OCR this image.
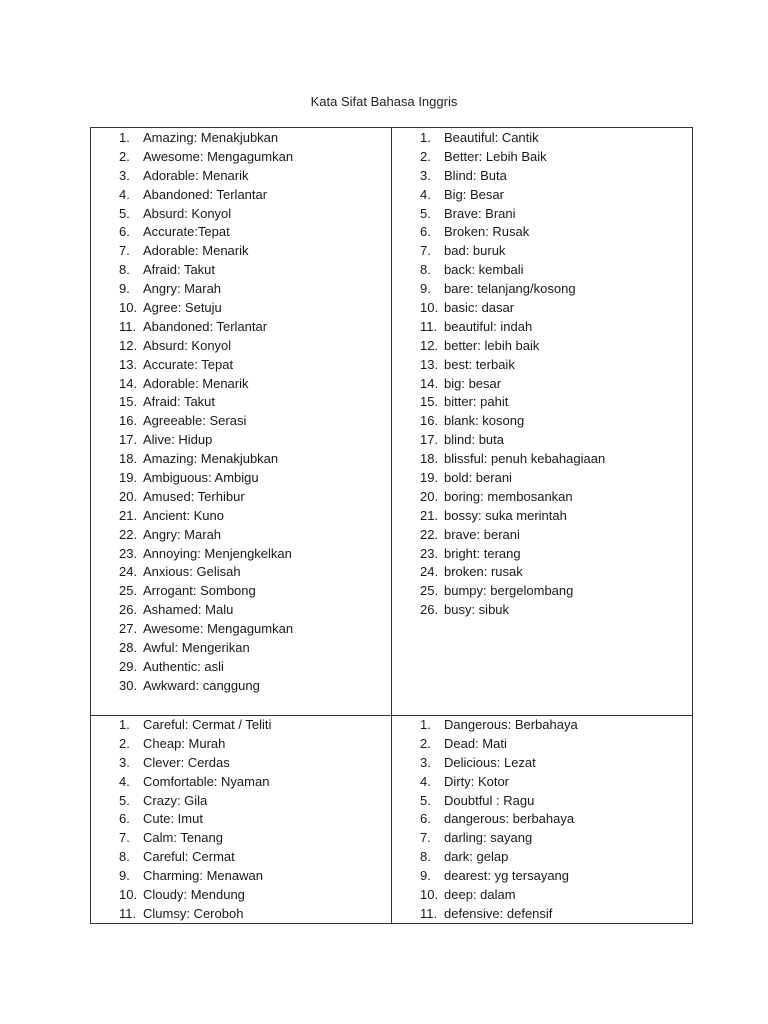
Kata Sifat Bahasa Inggris
1. Amazing: Menakjubkan
2. Awesome: Mengagumkan
3. Adorable: Menarik
4. Abandoned: Terlantar
5. Absurd: Konyol
6. Accurate:Tepat
7. Adorable: Menarik
8. Afraid: Takut
9. Angry: Marah
10. Agree: Setuju
11. Abandoned: Terlantar
12. Absurd: Konyol
13. Accurate: Tepat
14. Adorable: Menarik
15. Afraid: Takut
16. Agreeable: Serasi
17. Alive: Hidup
18. Amazing: Menakjubkan
19. Ambiguous: Ambigu
20. Amused: Terhibur
21. Ancient: Kuno
22. Angry: Marah
23. Annoying: Menjengkelkan
24. Anxious: Gelisah
25. Arrogant: Sombong
26. Ashamed: Malu
27. Awesome: Mengagumkan
28. Awful: Mengerikan
29. Authentic: asli
30. Awkward: canggung
1. Beautiful: Cantik
2. Better: Lebih Baik
3. Blind: Buta
4. Big: Besar
5. Brave: Brani
6. Broken: Rusak
7. bad: buruk
8. back: kembali
9. bare: telanjang/kosong
10. basic: dasar
11. beautiful: indah
12. better: lebih baik
13. best: terbaik
14. big: besar
15. bitter: pahit
16. blank: kosong
17. blind: buta
18. blissful: penuh kebahagiaan
19. bold: berani
20. boring: membosankan
21. bossy: suka merintah
22. brave: berani
23. bright: terang
24. broken: rusak
25. bumpy: bergelombang
26. busy: sibuk
1. Careful: Cermat / Teliti
2. Cheap: Murah
3. Clever: Cerdas
4. Comfortable: Nyaman
5. Crazy: Gila
6. Cute: Imut
7. Calm: Tenang
8. Careful: Cermat
9. Charming: Menawan
10. Cloudy: Mendung
11. Clumsy: Ceroboh
1. Dangerous: Berbahaya
2. Dead: Mati
3. Delicious: Lezat
4. Dirty: Kotor
5. Doubtful : Ragu
6. dangerous: berbahaya
7. darling: sayang
8. dark: gelap
9. dearest: yg tersayang
10. deep: dalam
11. defensive: defensif
